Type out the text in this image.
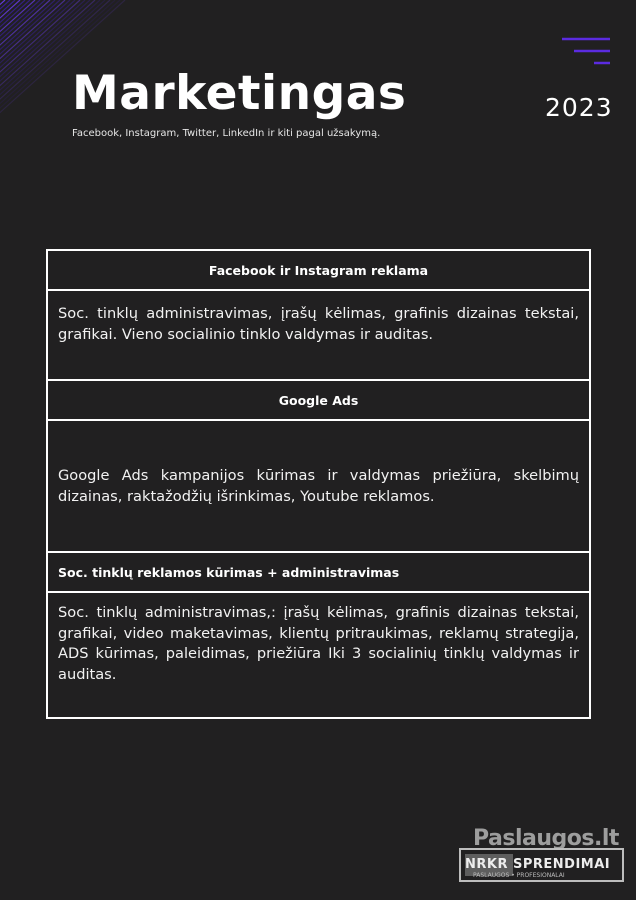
Marketingas
Facebook, Instagram, Twitter, LinkedIn ir kiti pagal užsakymą.
2023
Facebook ir Instagram reklama
Soc. tinklų administravimas, įrašų kėlimas, grafinis dizainas tekstai, grafikai. Vieno socialinio tinklo valdymas ir auditas.
Google Ads
Google Ads kampanijos kūrimas ir valdymas priežiūra, skelbimų dizainas, raktažodžių išrinkimas, Youtube reklamos.
Soc. tinklų reklamos kūrimas + administravimas
Soc. tinklų administravimas,: įrašų kėlimas, grafinis dizainas tekstai, grafikai, video maketavimas, klientų pritraukimas, reklamų strategija, ADS kūrimas, paleidimas, priežiūra Iki 3 socialinių tinklų valdymas ir auditas.
Paslaugos.lt
NRKR SPRENDIMAI
PASLAUGOS • PROFESIONALAI
